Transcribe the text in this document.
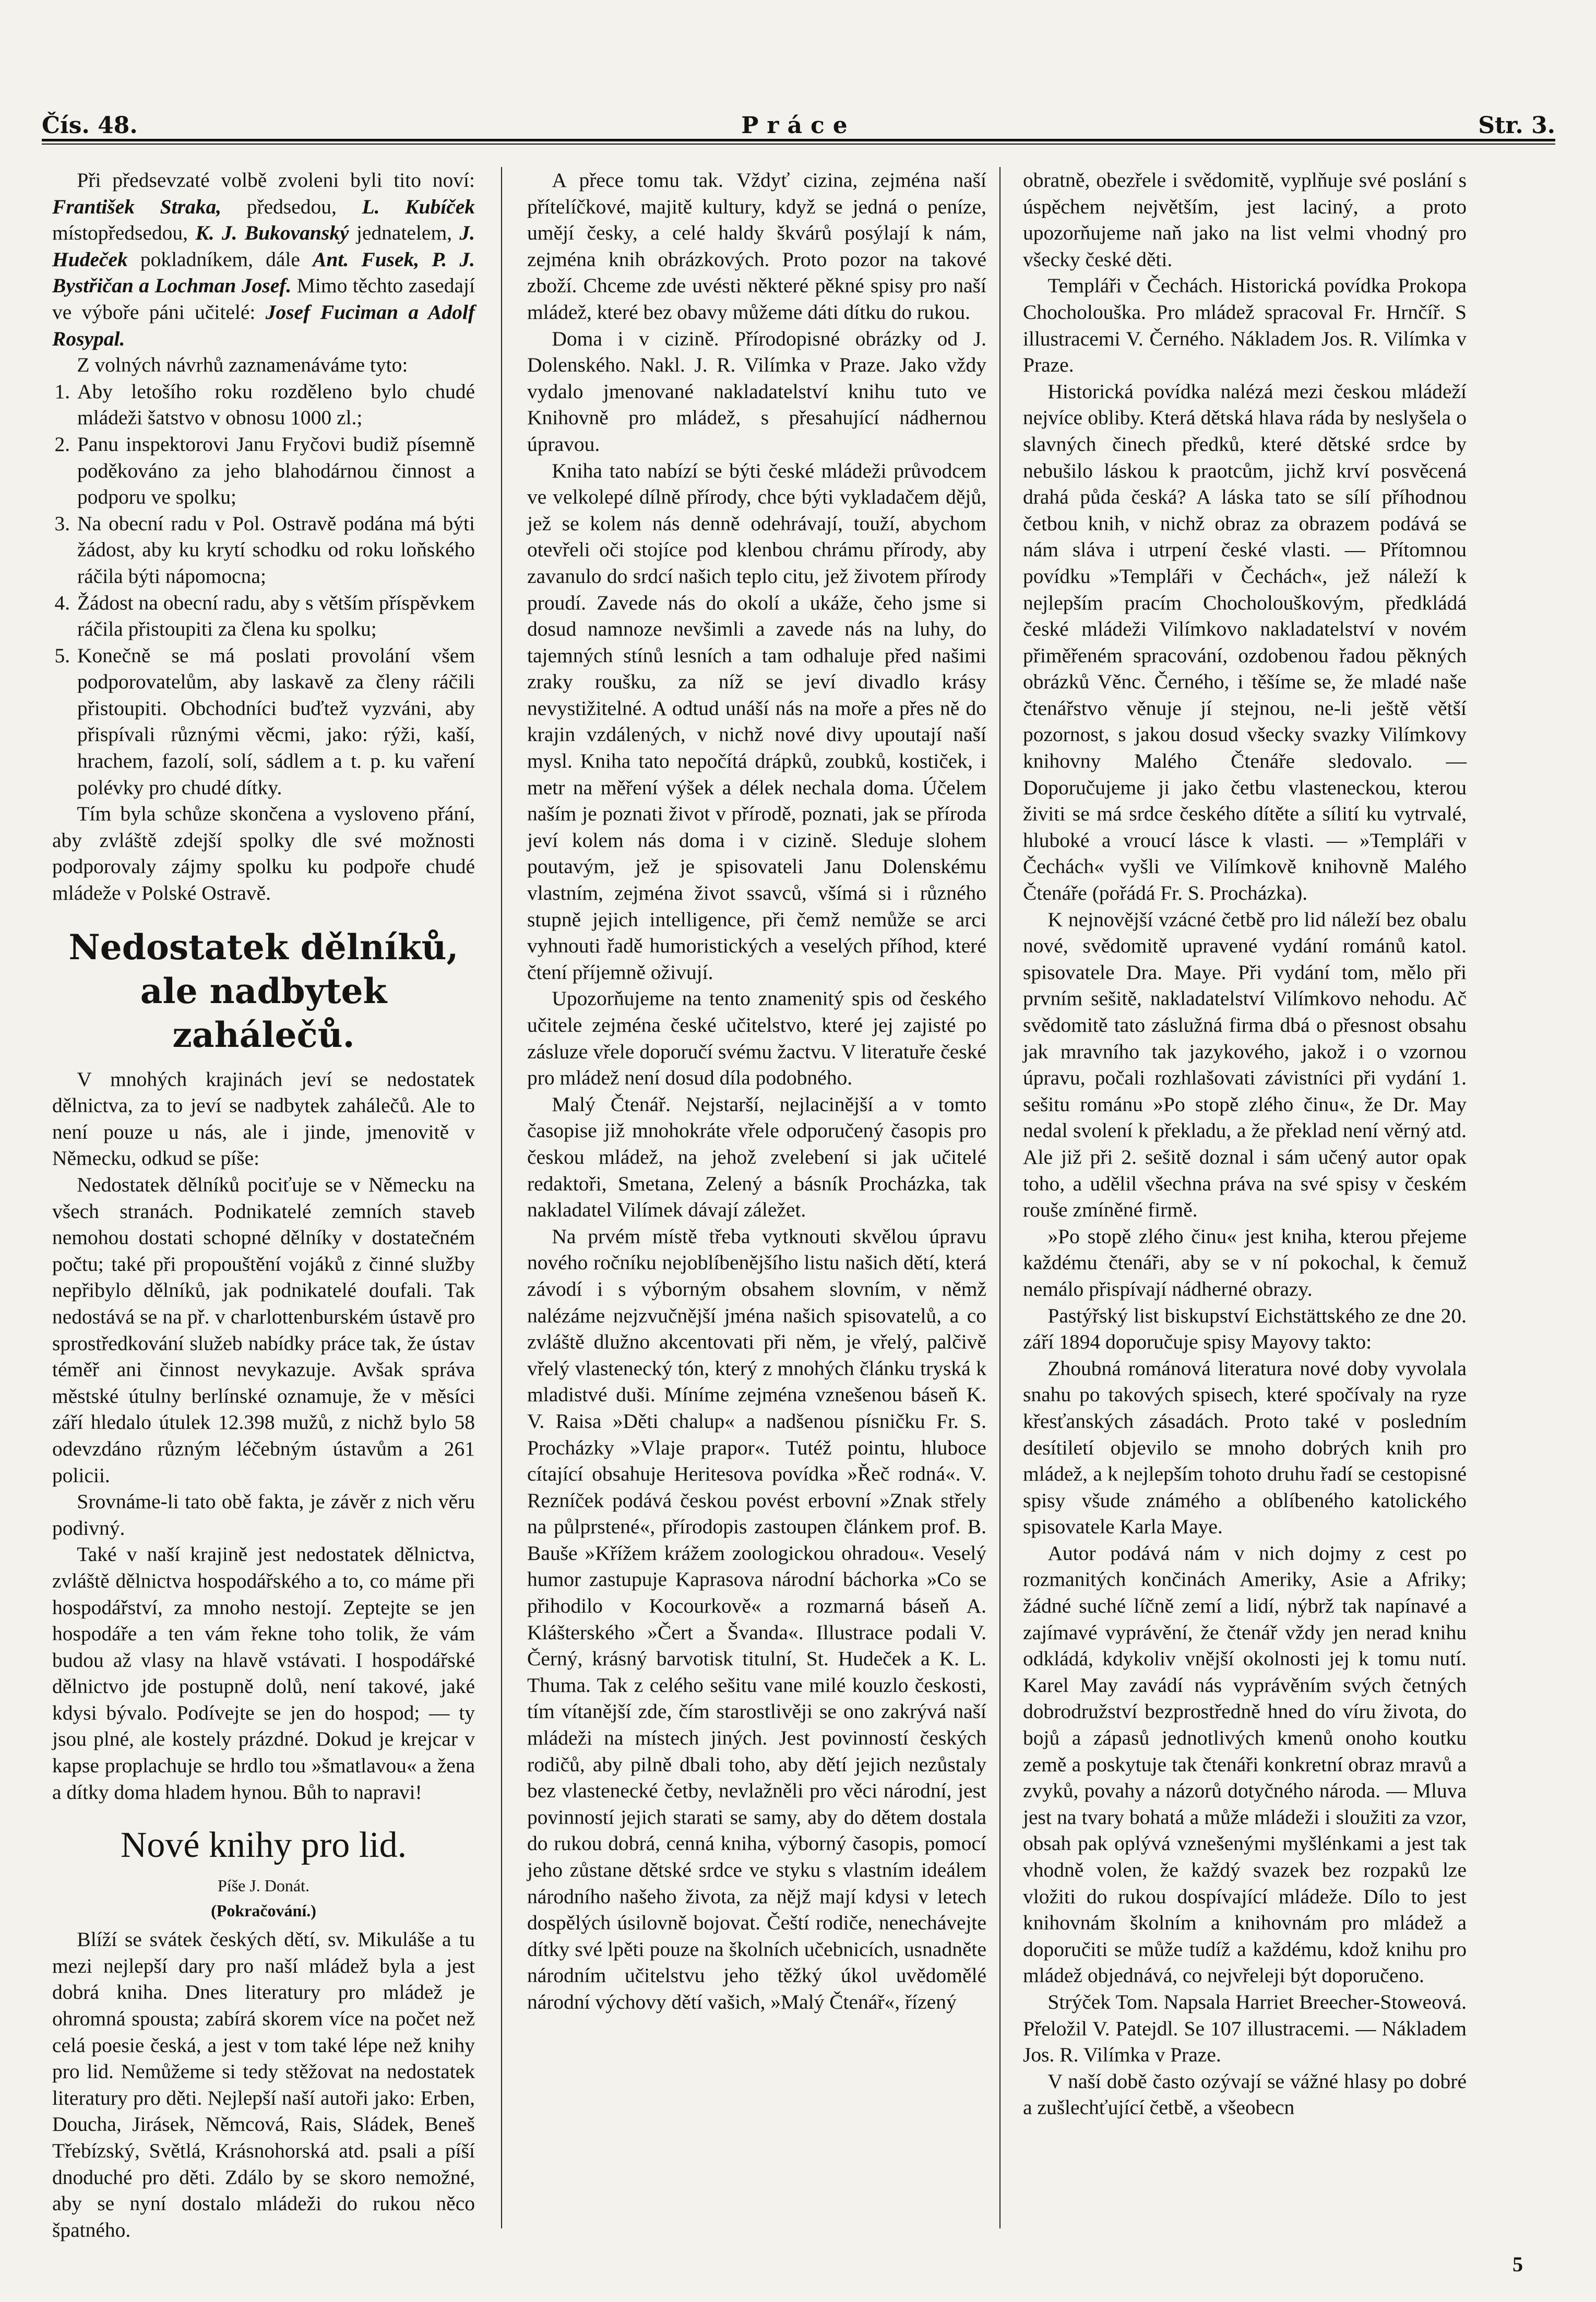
Čís. 48.	Práce	Str. 3.

Při předsevzaté volbě zvoleni byli tito noví: František Straka, předsedou, L. Kubíček místopředsedou, K. J. Bukovanský jednatelem, J. Hudeček pokladníkem, dále Ant. Fusek, P. J. Bystřičan a Lochman Josef. Mimo těchto zasedají ve výboře páni učitelé: Josef Fuciman a Adolf Rosypal.

Z volných návrhů zaznamenáváme tyto:

1. Aby letošího roku rozděleno bylo chudé mládeži šatstvo v obnosu 1000 zl.;
2. Panu inspektorovi Janu Fryčovi budiž písemně poděkováno za jeho blahodárnou činnost a podporu ve spolku;
3. Na obecní radu v Pol. Ostravě podána má býti žádost, aby ku krytí schodku od roku loňského ráčila býti nápomocna;
4. Žádost na obecní radu, aby s větším příspěvkem ráčila přistoupiti za člena ku spolku;
5. Konečně se má poslati provolání všem podporovatelům, aby laskavě za členy ráčili přistoupiti. Obchodníci buďtež vyzváni, aby přispívali různými věcmi, jako: rýži, kaší, hrachem, fazolí, solí, sádlem a t. p. ku vaření polévky pro chudé dítky.

Tím byla schůze skončena a vysloveno přání, aby zvláště zdejší spolky dle své možnosti podporovaly zájmy spolku ku podpoře chudé mládeže v Polské Ostravě.

Nedostatek dělníků, ale nadbytek zahálečů.

V mnohých krajinách jeví se nedostatek dělnictva, za to jeví se nadbytek zahálečů. Ale to není pouze u nás, ale i jinde, jmenovitě v Německu, odkud se píše:

Nedostatek dělníků pociťuje se v Německu na všech stranách. Podnikatelé zemních staveb nemohou dostati schopné dělníky v dostatečném počtu; také při propouštění vojáků z činné služby nepřibylo dělníků, jak podnikatelé doufali. Tak nedostává se na př. v charlottenburském ústavě pro sprostředkování služeb nabídky práce tak, že ústav téměř ani činnost nevykazuje. Avšak správa městské útulny berlínské oznamuje, že v měsíci září hledalo útulek 12.398 mužů, z nichž bylo 58 odevzdáno různým léčebným ústavům a 261 policii.

Srovnáme-li tato obě fakta, je závěr z nich věru podivný.

Také v naší krajině jest nedostatek dělnictva, zvláště dělnictva hospodářského a to, co máme při hospodářství, za mnoho nestojí. Zeptejte se jen hospodáře a ten vám řekne toho tolik, že vám budou až vlasy na hlavě vstávati. I hospodářské dělnictvo jde postupně dolů, není takové, jaké kdysi bývalo. Podívejte se jen do hospod; — ty jsou plné, ale kostely prázdné. Dokud je krejcar v kapse proplachuje se hrdlo tou »šmatlavou« a žena a dítky doma hladem hynou. Bůh to napravi!

Nové knihy pro lid.
Píše J. Donát.
(Pokračování.)

Blíží se svátek českých dětí, sv. Mikuláše a tu mezi nejlepší dary pro naší mládež byla a jest dobrá kniha. Dnes literatury pro mládež je ohromná spousta; zabírá skorem více na počet než celá poesie česká, a jest v tom také lépe než knihy pro lid. Nemůžeme si tedy stěžovat na nedostatek literatury pro děti. Nejlepší naší autoři jako: Erben, Doucha, Jirásek, Němcová, Rais, Sládek, Beneš Třebízský, Světlá, Krásnohorská atd. psali a píší dnoduché pro děti. Zdálo by se skoro nemožné, aby se nyní dostalo mládeži do rukou něco špatného.

A přece tomu tak. Vždyť cizina, zejména naší přítelíčkové, majitě kultury, když se jedná o peníze, umějí česky, a celé haldy škvárů posýlají k nám, zejména knih obrázkových. Proto pozor na takové zboží. Chceme zde uvésti některé pěkné spisy pro naší mládež, které bez obavy můžeme dáti dítku do rukou.

Doma i v cizině. Přírodopisné obrázky od J. Dolenského. Nakl. J. R. Vilímka v Praze. Jako vždy vydalo jmenované nakladatelství knihu tuto ve Knihovně pro mládež, s přesahující nádhernou úpravou.

Kniha tato nabízí se býti české mládeži průvodcem ve velkolepé dílně přírody, chce býti vykladačem dějů, jež se kolem nás denně odehrávají, touží, abychom otevřeli oči stojíce pod klenbou chrámu přírody, aby zavanulo do srdcí našich teplo citu, jež životem přírody proudí. Zavede nás do okolí a ukáže, čeho jsme si dosud namnoze nevšimli a zavede nás na luhy, do tajemných stínů lesních a tam odhaluje před našimi zraky roušku, za níž se jeví divadlo krásy nevystižitelné. A odtud unáší nás na moře a přes ně do krajin vzdálených, v nichž nové divy upoutají naší mysl. Kniha tato nepočítá drápků, zoubků, kostiček, i metr na měření výšek a délek nechala doma. Účelem naším je poznati život v přírodě, poznati, jak se příroda jeví kolem nás doma i v cizině. Sleduje slohem poutavým, jež je spisovateli Janu Dolenskému vlastním, zejména život ssavců, všímá si i různého stupně jejich intelligence, při čemž nemůže se arci vyhnouti řadě humoristických a veselých příhod, které čtení příjemně oživují.

Upozorňujeme na tento znamenitý spis od českého učitele zejména české učitelstvo, které jej zajisté po zásluze vřele doporučí svému žactvu. V literatuře české pro mládež není dosud díla podobného.

Malý Čtenář. Nejstarší, nejlacinější a v tomto časopise již mnohokráte vřele odporučený časopis pro českou mládež, na jehož zvelebení si jak učitelé redaktoři, Smetana, Zelený a básník Procházka, tak nakladatel Vilímek dávají záležet.

Na prvém místě třeba vytknouti skvělou úpravu nového ročníku nejoblíbenějšího listu našich dětí, která závodí i s výborným obsahem slovním, v němž nalézáme nejzvučnější jména našich spisovatelů, a co zvláště dlužno akcentovati při něm, je vřelý, palčivě vřelý vlastenecký tón, který z mnohých článku tryská k mladistvé duši. Míníme zejména vznešenou báseň K. V. Raisa »Děti chalup« a nadšenou písničku Fr. S. Procházky »Vlaje prapor«. Tutéž pointu, hluboce cítající obsahuje Heritesova povídka »Řeč rodná«. V. Rezníček podává českou povést erbovní »Znak střely na půlprstené«, přírodopis zastoupen článkem prof. B. Bauše »Křížem krážem zoologickou ohradou«. Veselý humor zastupuje Kaprasova národní báchorka »Co se přihodilo v Kocourkově« a rozmarná báseň A. Klášterského »Čert a Švanda«. Illustrace podali V. Černý, krásný barvotisk titulní, St. Hudeček a K. L. Thuma. Tak z celého sešitu vane milé kouzlo českosti, tím vítanější zde, čím starostlivěji se ono zakrývá naší mládeži na místech jiných. Jest povinností českých rodičů, aby pilně dbali toho, aby dětí jejich nezůstaly bez vlastenecké četby, nevlažněli pro věci národní, jest povinností jejich starati se samy, aby do dětem dostala do rukou dobrá, cenná kniha, výborný časopis, pomocí jeho zůstane dětské srdce ve styku s vlastním ideálem národního našeho života, za nějž mají kdysi v letech dospělých úsilovně bojovat. Čeští rodiče, nenechávejte dítky své lpěti pouze na školních učebnicích, usnadněte národním učitelstvu jeho těžký úkol uvědomělé národní výchovy dětí vašich, »Malý Čtenář«, řízený

obratně, obezřele i svědomitě, vyplňuje své poslání s úspěchem největším, jest laciný, a proto upozorňujeme naň jako na list velmi vhodný pro všecky české děti.

Templáři v Čechách. Historická povídka Prokopa Chocholouška. Pro mládež spracoval Fr. Hrnčíř. S illustracemi V. Černého. Nákladem Jos. R. Vilímka v Praze.

Historická povídka nalézá mezi českou mládeží nejvíce obliby. Která dětská hlava ráda by neslyšela o slavných činech předků, které dětské srdce by nebušilo láskou k praotcům, jichž krví posvěcená drahá půda česká? A láska tato se sílí příhodnou četbou knih, v nichž obraz za obrazem podává se nám sláva i utrpení české vlasti. — Přítomnou povídku »Templáři v Čechách«, jež náleží k nejlepším pracím Chocholouškovým, předkládá české mládeži Vilímkovo nakladatelství v novém přiměřeném spracování, ozdobenou řadou pěkných obrázků Věnc. Černého, i těšíme se, že mladé naše čtenářstvo věnuje jí stejnou, ne-li ještě větší pozornost, s jakou dosud všecky svazky Vilímkovy knihovny Malého Čtenáře sledovalo. — Doporučujeme ji jako četbu vlasteneckou, kterou živiti se má srdce českého dítěte a sílití ku vytrvalé, hluboké a vroucí lásce k vlasti. — »Templáři v Čechách« vyšli ve Vilímkově knihovně Malého Čtenáře (pořádá Fr. S. Procházka).

K nejnovější vzácné četbě pro lid náleží bez obalu nové, svědomitě upravené vydání románů katol. spisovatele Dra. Maye. Při vydání tom, mělo při prvním sešitě, nakladatelství Vilímkovo nehodu. Ač svědomitě tato záslužná firma dbá o přesnost obsahu jak mravního tak jazykového, jakož i o vzornou úpravu, počali rozhlašovati závistníci při vydání 1. sešitu románu »Po stopě zlého činu«, že Dr. May nedal svolení k překladu, a že překlad není věrný atd. Ale již při 2. sešitě doznal i sám učený autor opak toho, a udělil všechna práva na své spisy v českém rouše zmíněné firmě.

»Po stopě zlého činu« jest kniha, kterou přejeme každému čtenáři, aby se v ní pokochal, k čemuž nemálo přispívají nádherné obrazy.

Pastýřský list biskupství Eichstättského ze dne 20. září 1894 doporučuje spisy Mayovy takto:

Zhoubná románová literatura nové doby vyvolala snahu po takových spisech, které spočívaly na ryze křesťanských zásadách. Proto také v posledním desítiletí objevilo se mnoho dobrých knih pro mládež, a k nejlepším tohoto druhu řadí se cestopisné spisy všude známého a oblíbeného katolického spisovatele Karla Maye.

Autor podává nám v nich dojmy z cest po rozmanitých končinách Ameriky, Asie a Afriky; žádné suché líčně zemí a lidí, nýbrž tak napínavé a zajímavé vyprávění, že čtenář vždy jen nerad knihu odkládá, kdykoliv vnější okolnosti jej k tomu nutí. Karel May zavádí nás vyprávěním svých četných dobrodružství bezprostředně hned do víru života, do bojů a zápasů jednotlivých kmenů onoho koutku země a poskytuje tak čtenáři konkretní obraz mravů a zvyků, povahy a názorů dotyčného národa. — Mluva jest na tvary bohatá a může mládeži i sloužiti za vzor, obsah pak oplývá vznešenými myšlénkami a jest tak vhodně volen, že každý svazek bez rozpaků lze vložiti do rukou dospívající mládeže. Dílo to jest knihovnám školním a knihovnám pro mládež a doporučiti se může tudíž a každému, kdož knihu pro mládež objednává, co nejvřeleji být doporučeno.

Strýček Tom. Napsala Harriet Breecher-Stoweová. Přeložil V. Patejdl. Se 107 illustracemi. — Nákladem Jos. R. Vilímka v Praze.

V naší době často ozývají se vážné hlasy po dobré a zušlechťující četbě, a všeobecn

5
